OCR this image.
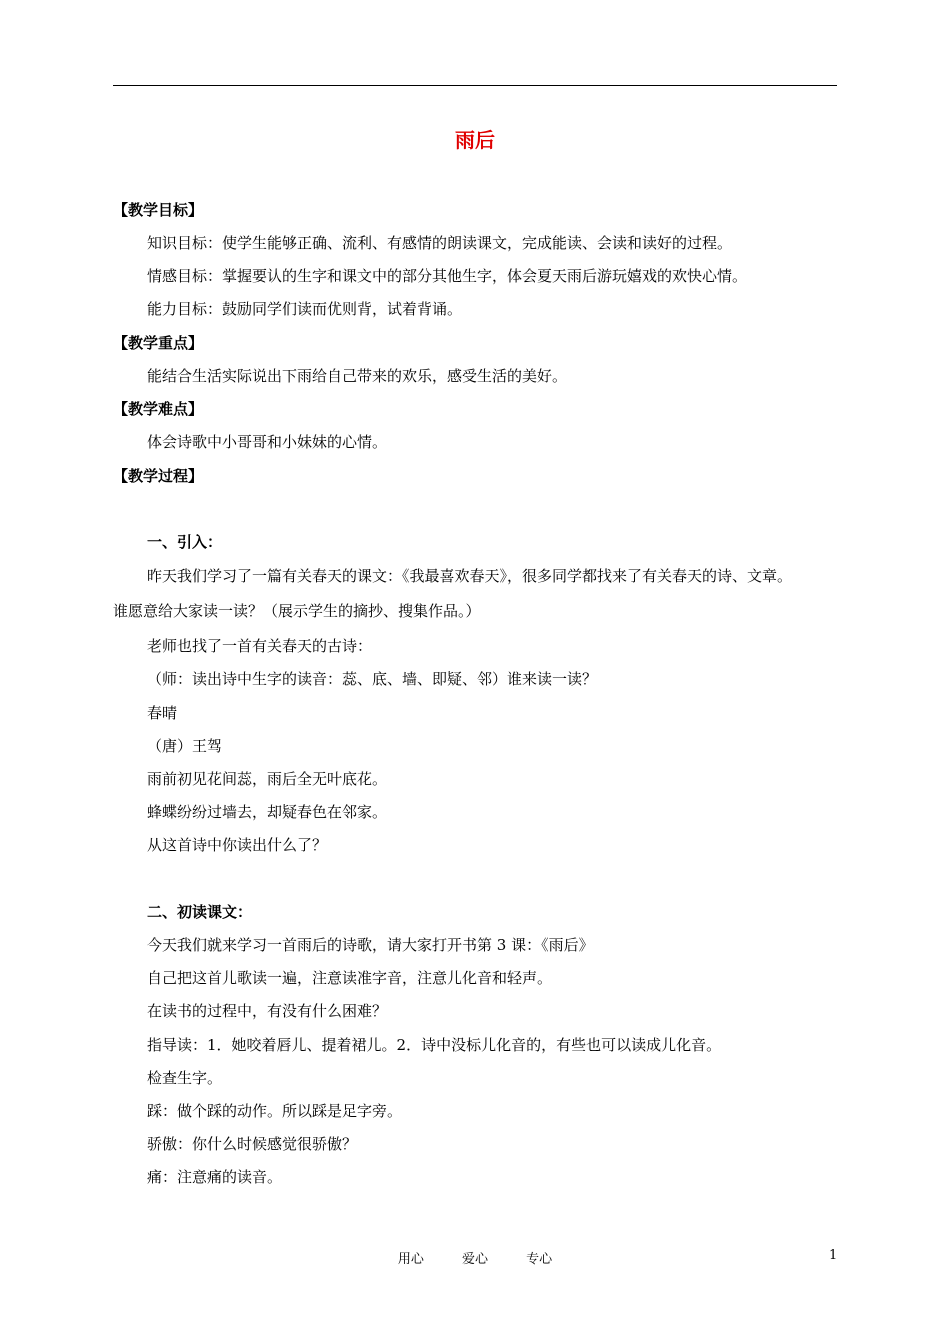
雨后
【教学目标】
知识目标：使学生能够正确、流利、有感情的朗读课文，完成能读、会读和读好的过程。
情感目标：掌握要认的生字和课文中的部分其他生字，体会夏天雨后游玩嬉戏的欢快心情。
能力目标：鼓励同学们读而优则背，试着背诵。
【教学重点】
能结合生活实际说出下雨给自己带来的欢乐，感受生活的美好。
【教学难点】
体会诗歌中小哥哥和小妹妹的心情。
【教学过程】
一、引入：
昨天我们学习了一篇有关春天的课文：《我最喜欢春天》，很多同学都找来了有关春天的诗、文章。
谁愿意给大家读一读？（展示学生的摘抄、搜集作品。）
老师也找了一首有关春天的古诗：
（师：读出诗中生字的读音：蕊、底、墙、即疑、邻）谁来读一读？
春晴
（唐）王驾
雨前初见花间蕊，雨后全无叶底花。
蜂蝶纷纷过墙去，却疑春色在邻家。
从这首诗中你读出什么了？
二、初读课文：
今天我们就来学习一首雨后的诗歌，请大家打开书第 3 课：《雨后》
自己把这首儿歌读一遍，注意读准字音，注意儿化音和轻声。
在读书的过程中，有没有什么困难？
指导读：1．她咬着唇儿、提着裙儿。2．诗中没标儿化音的，有些也可以读成儿化音。
检查生字。
踩：做个踩的动作。所以踩是足字旁。
骄傲：你什么时候感觉很骄傲？
痛：注意痛的读音。
用心	爱心	专心	1
